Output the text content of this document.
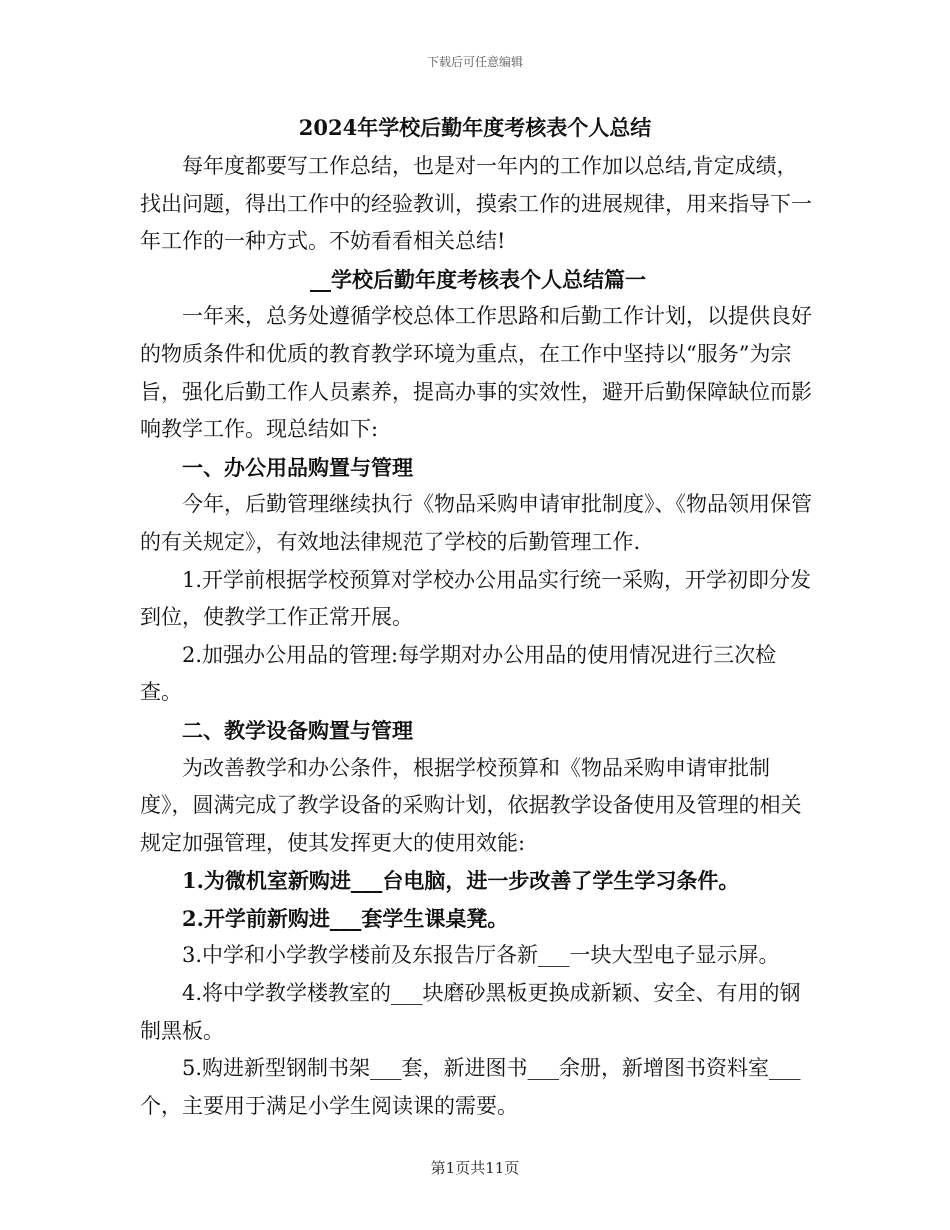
下载后可任意编辑
2024年学校后勤年度考核表个人总结

每年度都要写工作总结，也是对一年内的工作加以总结,肯定成绩，找出问题，得出工作中的经验教训，摸索工作的进展规律，用来指导下一年工作的一种方式。不妨看看相关总结!

__学校后勤年度考核表个人总结篇一

一年来，总务处遵循学校总体工作思路和后勤工作计划，以提供良好的物质条件和优质的教育教学环境为重点，在工作中坚持以“服务”为宗旨，强化后勤工作人员素养，提高办事的实效性，避开后勤保障缺位而影响教学工作。现总结如下:

一、办公用品购置与管理

今年，后勤管理继续执行《物品采购申请审批制度》、《物品领用保管的有关规定》，有效地法律规范了学校的后勤管理工作.

1.开学前根据学校预算对学校办公用品实行统一采购，开学初即分发到位，使教学工作正常开展。

2.加强办公用品的管理:每学期对办公用品的使用情况进行三次检查。

二、教学设备购置与管理

为改善教学和办公条件，根据学校预算和《物品采购申请审批制度》，圆满完成了教学设备的采购计划，依据教学设备使用及管理的相关规定加强管理，使其发挥更大的使用效能:

1.为微机室新购进___台电脑，进一步改善了学生学习条件。

2.开学前新购进___套学生课桌凳。

3.中学和小学教学楼前及东报告厅各新___一块大型电子显示屏。

4.将中学教学楼教室的___块磨砂黑板更换成新颖、安全、有用的钢制黑板。

5.购进新型钢制书架___套，新进图书___余册，新增图书资料室___个，主要用于满足小学生阅读课的需要。

第1页共11页
